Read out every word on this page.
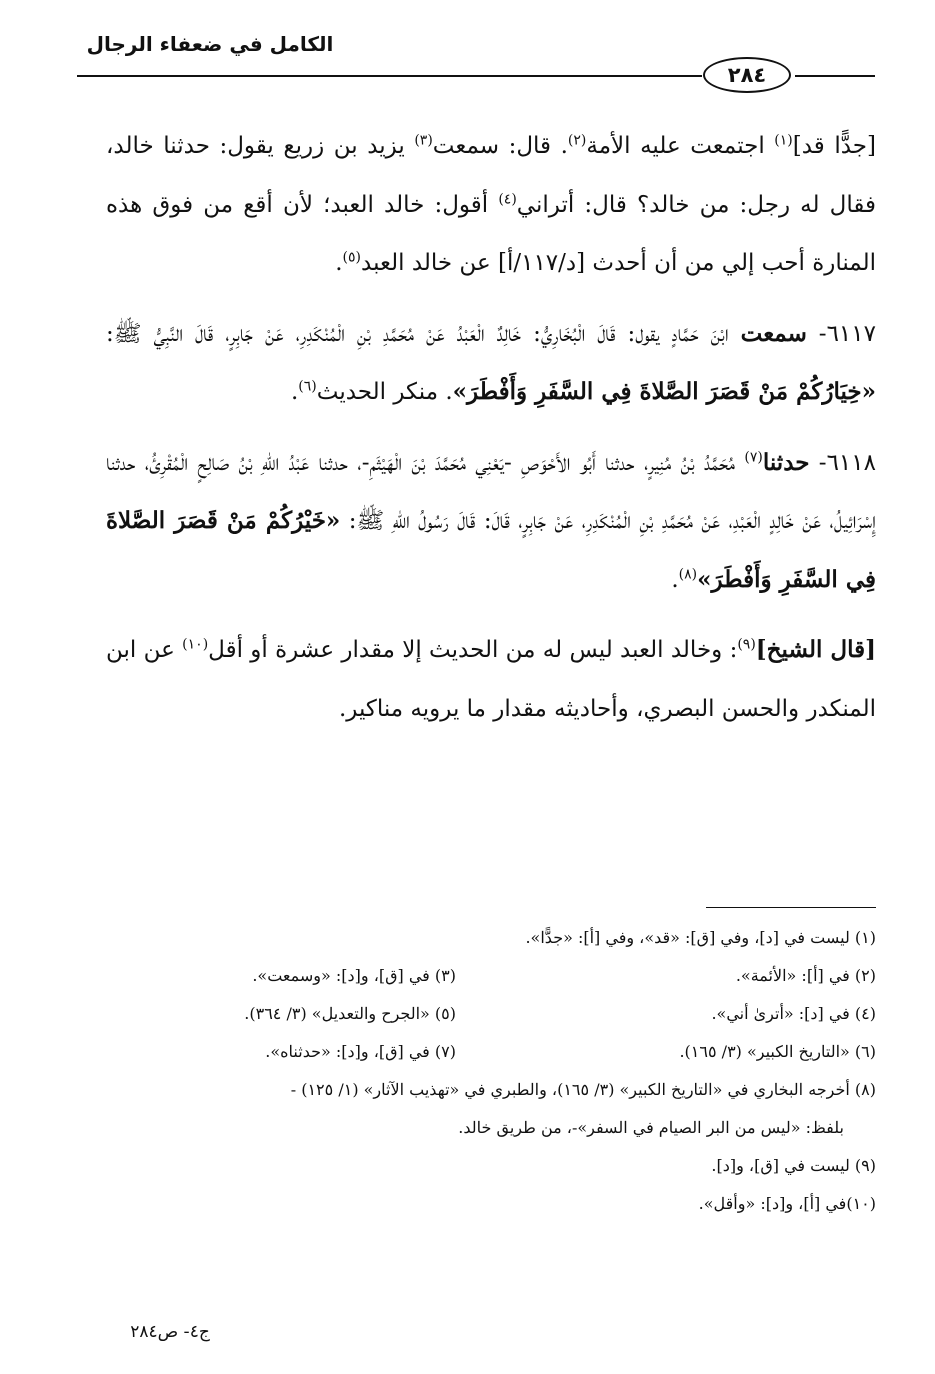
الكامل في ضعفاء الرجال
٢٨٤

[جدًّا قد]$^{(١)}$ اجتمعت عليه الأمة$^{(٢)}$. قال: سمعت$^{(٣)}$ يزيد بن زريع يقول: حدثنا خالد، فقال له رجل: من خالد؟ قال: أتراني$^{(٤)}$ أقول: خالد العبد؛ لأن أقع من فوق هذه المنارة أحب إلي من أن أحدث [د/١١٧/أ] عن خالد العبد$^{(٥)}$.

٦١١٧- سمعت ابْنَ حَمَّادٍ يقول: قَالَ الْبُخَارِيُّ: خَالِدٌ الْعَبْدُ عَنْ مُحَمَّدِ بْنِ الْمُنْكَدِرِ، عَنْ جَابِرٍ، قَالَ النَّبِيُّ ﷺ: «خِيَارُكُمْ مَنْ قَصَرَ الصَّلاةَ فِي السَّفَرِ وَأَفْطَرَ». منكر الحديث$^{(٦)}$.

٦١١٨- حدثنا$^{(٧)}$ مُحَمَّدُ بْنُ مُنِيرٍ، حدثنا أَبُو الأَحْوَصِ -يَعْنِي مُحَمَّدَ بْنَ الْهَيْثَمِ-، حدثنا عَبْدُ اللهِ بْنُ صَالِحٍ الْمُقْرِئُ، حدثنا إِسْرَائِيلُ، عَنْ خَالِدٍ الْعَبْدِ، عَنْ مُحَمَّدِ بْنِ الْمُنْكَدِرِ، عَنْ جَابِرٍ، قَالَ: قَالَ رَسُولُ اللهِ ﷺ: «خَيْرُكُمْ مَنْ قَصَرَ الصَّلاةَ فِي السَّفَرِ وَأَفْطَرَ»$^{(٨)}$.

[قال الشيخ]$^{(٩)}$: وخالد العبد ليس له من الحديث إلا مقدار عشرة أو أقل$^{(١٠)}$ عن ابن المنكدر والحسن البصري، وأحاديثه مقدار ما يرويه مناكير.

(١) ليست في [د]، وفي [ق]: «قد»، وفي [أ]: «جدًّا».
(٢) في [أ]: «الأئمة».
(٣) في [ق]، و[د]: «وسمعت».
(٤) في [د]: «أترىٰ أني».
(٥) «الجرح والتعديل» (٣/ ٣٦٤).
(٦) «التاريخ الكبير» (٣/ ١٦٥).
(٧) في [ق]، و[د]: «حدثناه».
(٨) أخرجه البخاري في «التاريخ الكبير» (٣/ ١٦٥)، والطبري في «تهذيب الآثار» (١/ ١٢٥) -
بلفظ: «ليس من البر الصيام في السفر»-، من طريق خالد.
(٩) ليست في [ق]، و[د].
(١٠)في [أ]، و[د]: «وأقل».
ج٤- ص٢٨٤
